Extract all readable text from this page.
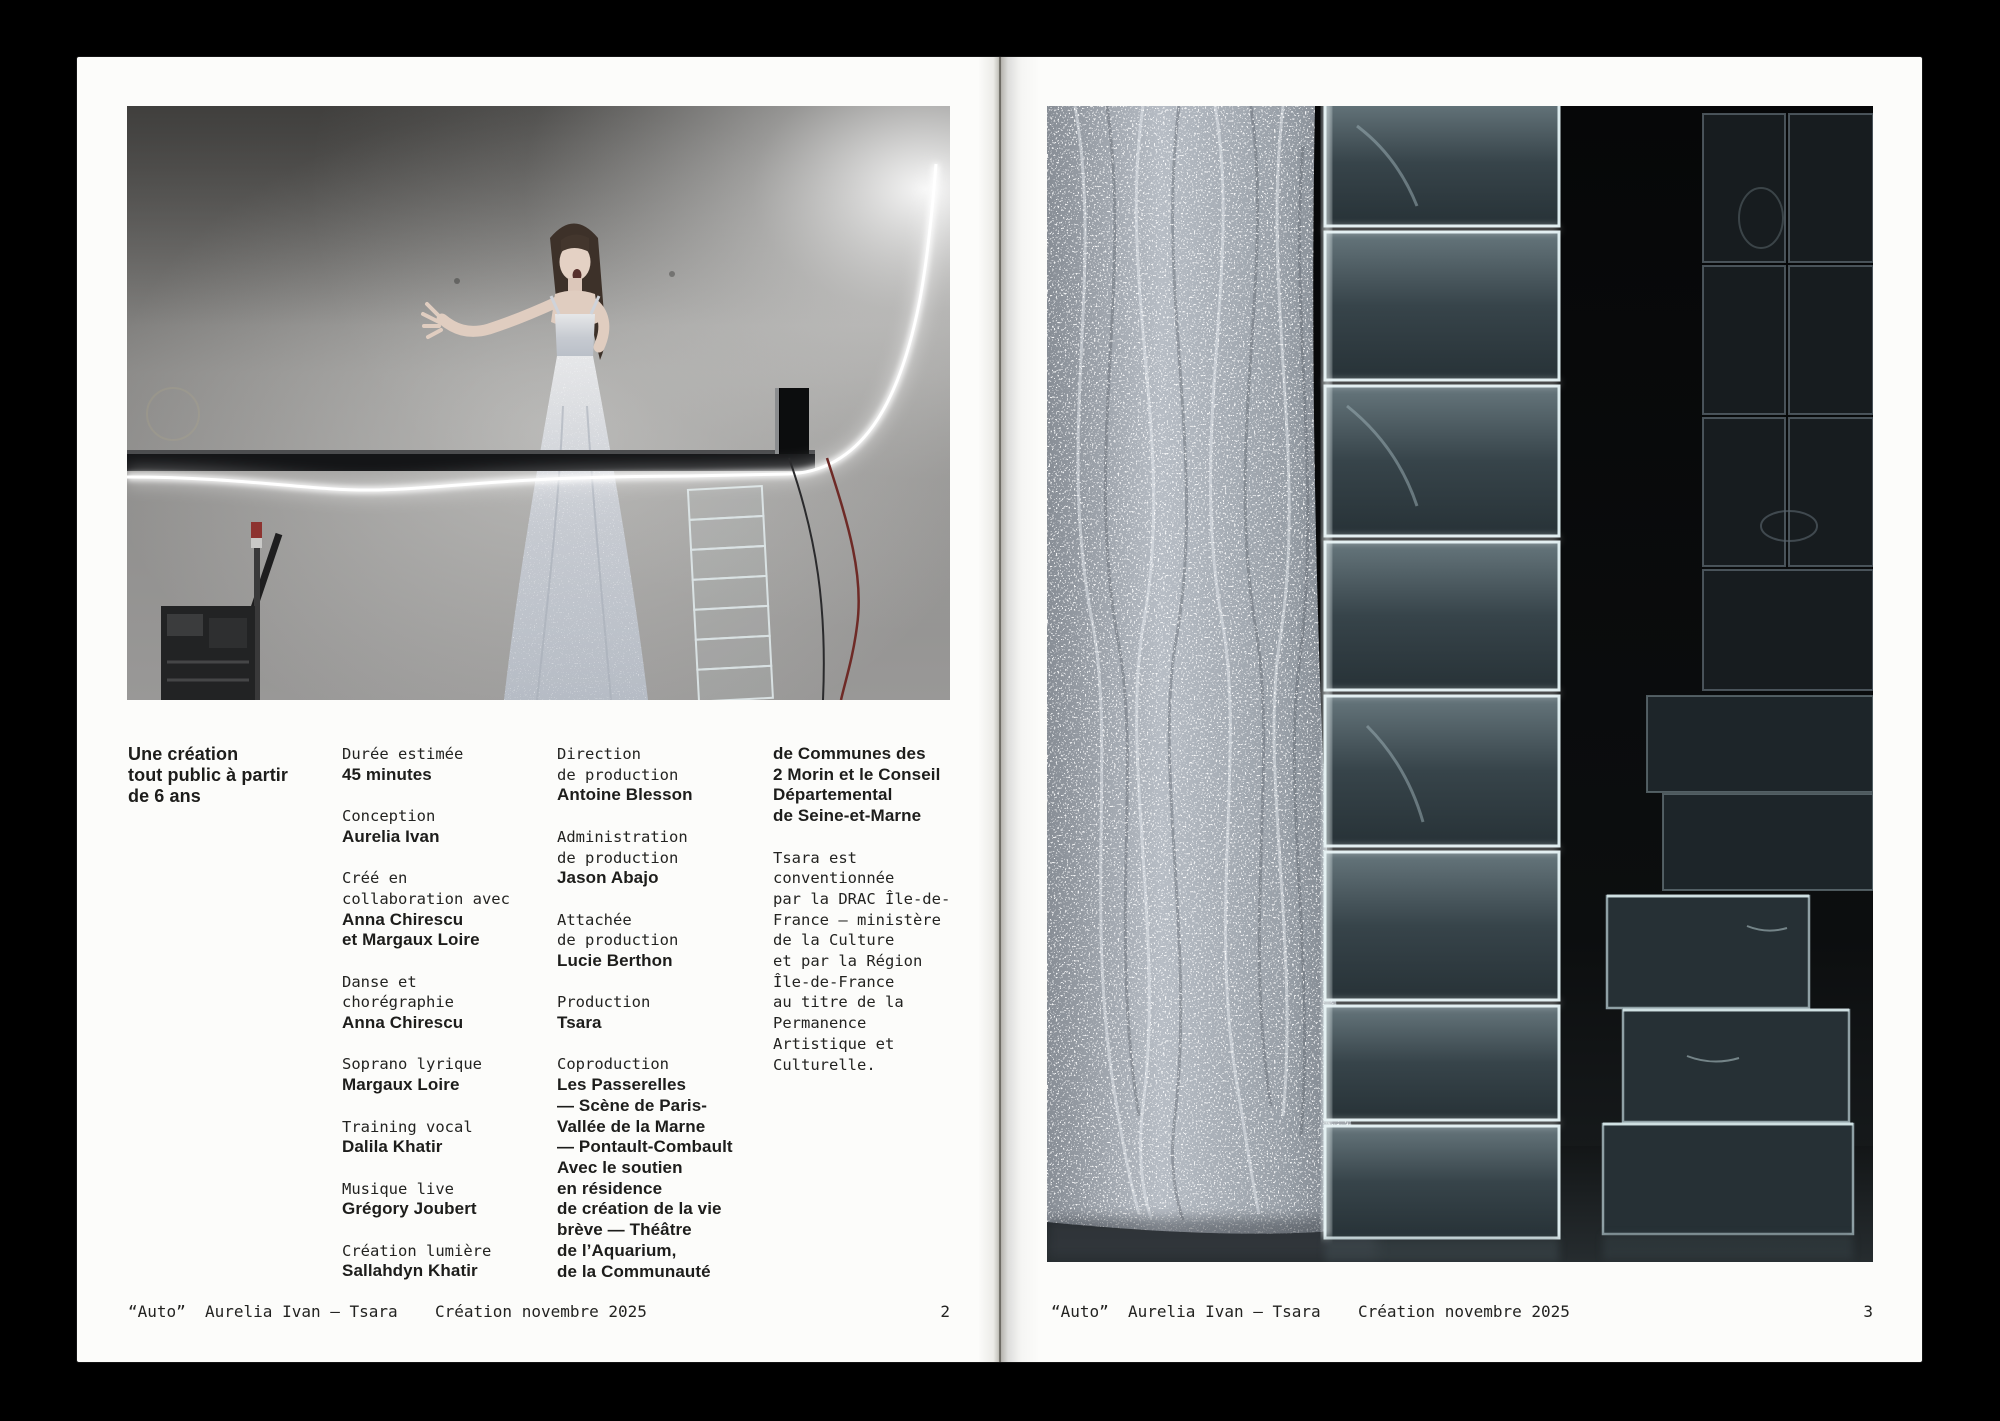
Une création
tout public à partir
de 6 ans
Durée estimée
45 minutes
Conception
Aurelia Ivan
Créé en
collaboration avec
Anna Chirescu
et Margaux Loire
Danse et
chorégraphie
Anna Chirescu
Soprano lyrique
Margaux Loire
Training vocal
Dalila Khatir
Musique live
Grégory Joubert
Création lumière
Sallahdyn Khatir
Direction
de production
Antoine Blesson
Administration
de production
Jason Abajo
Attachée
de production
Lucie Berthon
Production
Tsara
Coproduction
Les Passerelles
— Scène de Paris-
Vallée de la Marne
— Pontault-Combault
Avec le soutien
en résidence
de création de la vie
brève — Théâtre
de l’Aquarium,
de la Communauté
de Communes des
2 Morin et le Conseil
Départemental
de Seine-et-Marne
Tsara est
conventionnée
par la DRAC Île-de-
France — ministère
de la Culture
et par la Région
Île-de-France
au titre de la
Permanence
Artistique et
Culturelle.
“Auto” Aurelia Ivan — Tsara Création novembre 2025	2	“Auto” Aurelia Ivan — Tsara Création novembre 2025	3
